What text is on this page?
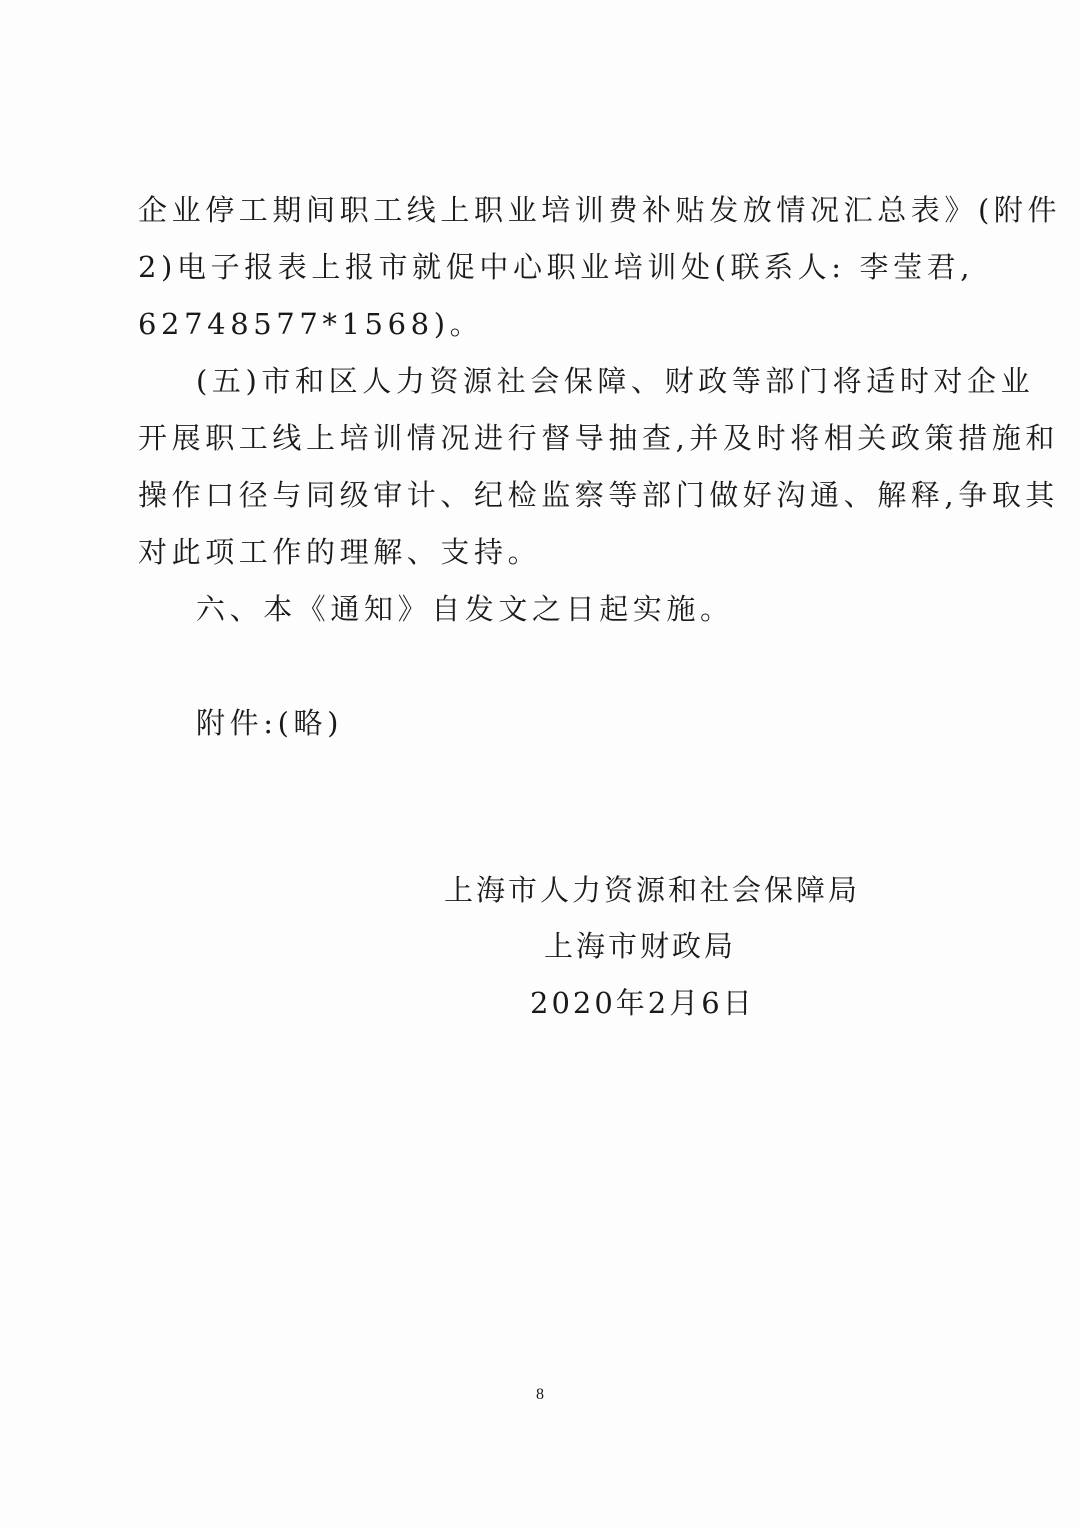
企业停工期间职工线上职业培训费补贴发放情况汇总表》(附件
2)电子报表上报市就促中心职业培训处(联系人: 李莹君,
62748577*1568)。
(五)市和区人力资源社会保障、财政等部门将适时对企业
开展职工线上培训情况进行督导抽查,并及时将相关政策措施和
操作口径与同级审计、纪检监察等部门做好沟通、解释,争取其
对此项工作的理解、支持。
六、本《通知》自发文之日起实施。
附件:(略)
上海市人力资源和社会保障局
上海市财政局
2020年2月6日
8
